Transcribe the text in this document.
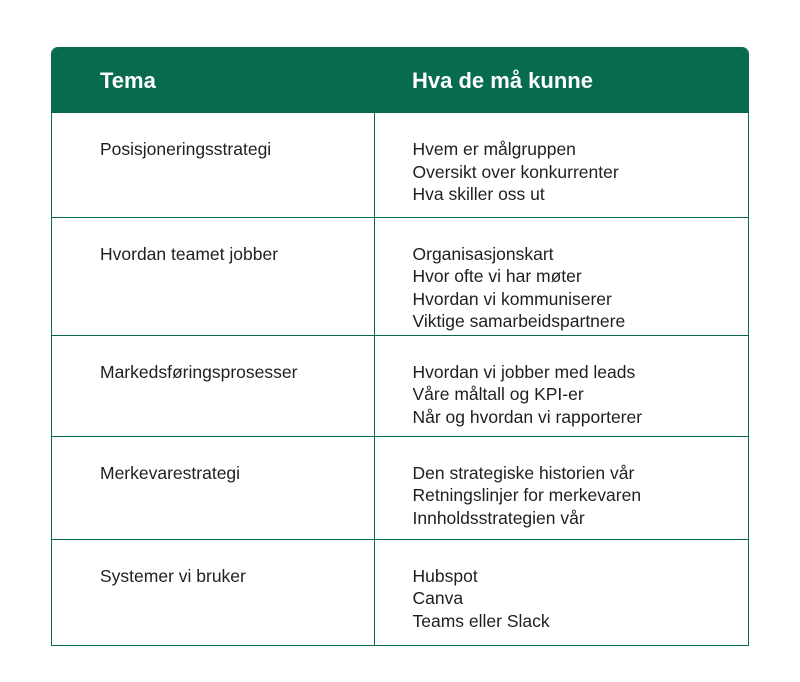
Tema	Hva de må kunne
Posisjoneringsstrategi	Hvem er målgruppen
Oversikt over konkurrenter
Hva skiller oss ut

Hvordan teamet jobber	Organisasjonskart
Hvor ofte vi har møter
Hvordan vi kommuniserer
Viktige samarbeidspartnere

Markedsføringsprosesser	Hvordan vi jobber med leads
Våre måltall og KPI-er
Når og hvordan vi rapporterer

Merkevarestrategi	Den strategiske historien vår
Retningslinjer for merkevaren
Innholdsstrategien vår

Systemer vi bruker	Hubspot
Canva
Teams eller Slack
